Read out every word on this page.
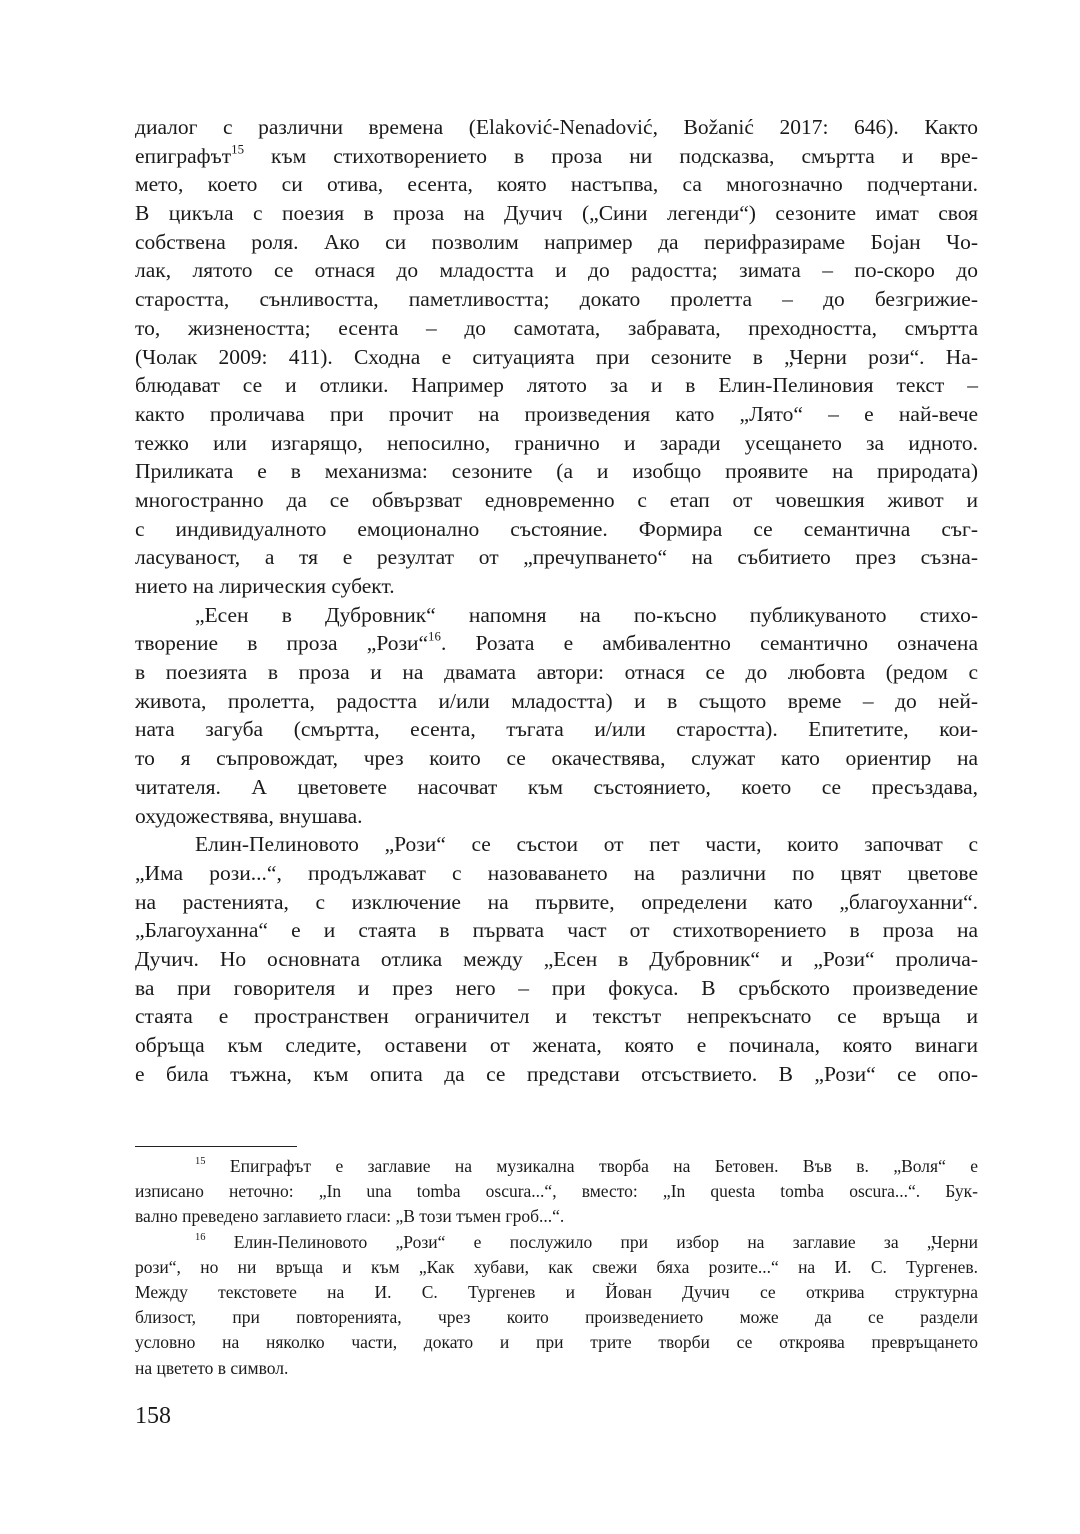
диалог с различни времена (Elaković-Nenadović, Božanić 2017: 646). Както
епиграфът$^{15}$ към стихотворението в проза ни подсказва, смъртта и вре-
мето, което си отива, есента, която настъпва, са многозначно подчертани.
В цикъла с поезия в проза на Дучич („Сини легенди“) сезоните имат своя
собствена роля. Ако си позволим например да перифразираме Бојан Чо-
лак, лятото се отнася до младостта и до радостта; зимата – по-скоро до
старостта, сънливостта, паметливостта; докато пролетта – до безгрижие-
то, жизнеността; есента – до самотата, забравата, преходността, смъртта
(Чолак 2009: 411). Сходна е ситуацията при сезоните в „Черни рози“. На-
блюдават се и отлики. Например лятото за и в Елин-Пелиновия текст –
както проличава при прочит на произведения като „Лято“ – е най-вече
тежко или изгарящо, непосилно, гранично и заради усещането за идното.
Приликата е в механизма: сезоните (а и изобщо проявите на природата)
многостранно да се обвързват едновременно с етап от човешкия живот и
с индивидуалното емоционално състояние. Формира се семантична съг-
ласуваност, а тя е резултат от „пречупването“ на събитието през съзна-
нието на лирическия субект.
„Есен в Дубровник“ напомня на по-късно публикуваното стихо-
творение в проза „Рози“$^{16}$. Розата е амбивалентно семантично означена
в поезията в проза и на двамата автори: отнася се до любовта (редом с
живота, пролетта, радостта и/или младостта) и в същото време – до ней-
ната загуба (смъртта, есента, тъгата и/или старостта). Епитетите, кои-
то я съпровождат, чрез които се окачествява, служат като ориентир на
читателя. А цветовете насочват към състоянието, което се пресъздава,
охудожествява, внушава.
Елин-Пелиновото „Рози“ се състои от пет части, които започват с
„Има рози...“, продължават с назоваването на различни по цвят цветове
на растенията, с изключение на първите, определени като „благоуханни“.
„Благоуханна“ е и стаята в първата част от стихотворението в проза на
Дучич. Но основната отлика между „Есен в Дубровник“ и „Рози“ пролича-
ва при говорителя и през него – при фокуса. В сръбското произведение
стаята е пространствен ограничител и текстът непрекъснато се връща и
обръща към следите, оставени от жената, която е починала, която винаги
е била тъжна, към опита да се представи отсъствието. В „Рози“ се опо-
$^{15}$ Епиграфът е заглавие на музикална творба на Бетовен. Във в. „Воля“ е
изписано неточно: „In una tomba oscura...“, вместо: „In questa tomba oscura...“. Бук-
вално преведено заглавието гласи: „В този тъмен гроб...“.
$^{16}$ Елин-Пелиновото „Рози“ е послужило при избор на заглавие за „Черни
рози“, но ни връща и към „Как хубави, как свежи бяха розите...“ на И. С. Тургенев.
Между текстовете на И. С. Тургенев и Йован Дучич се открива структурна
близост, при повторенията, чрез които произведението може да се раздели
условно на няколко части, докато и при трите творби се откроява превръщането
на цветето в символ.
158
